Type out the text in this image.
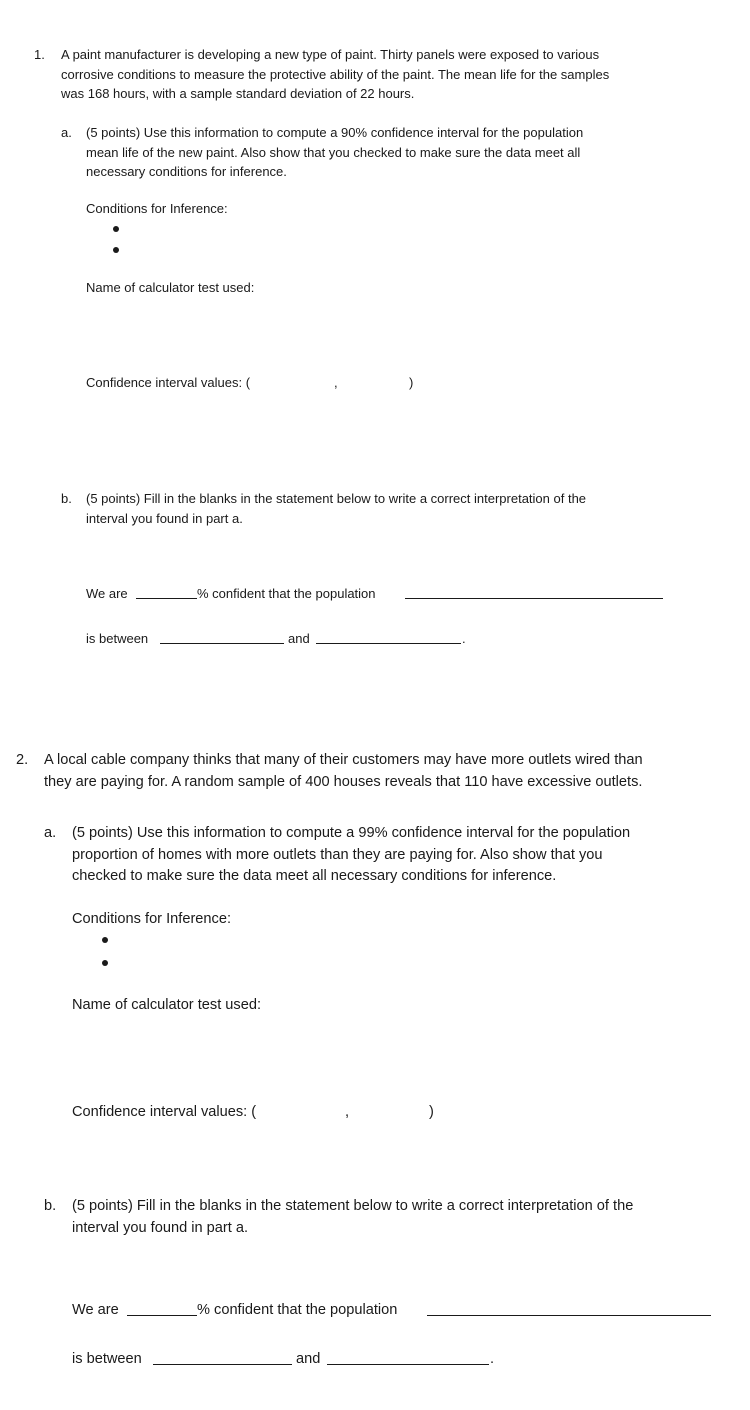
1. A paint manufacturer is developing a new type of paint. Thirty panels were exposed to various
corrosive conditions to measure the protective ability of the paint. The mean life for the samples
was 168 hours, with a sample standard deviation of 22 hours.
a. (5 points) Use this information to compute a 90% confidence interval for the population
mean life of the new paint. Also show that you checked to make sure the data meet all
necessary conditions for inference.
Conditions for Inference:
Name of calculator test used:
Confidence interval values: (	,	)
b. (5 points) Fill in the blanks in the statement below to write a correct interpretation of the
interval you found in part a.
We are	% confident that the population
is between	and	.
2. A local cable company thinks that many of their customers may have more outlets wired than
they are paying for. A random sample of 400 houses reveals that 110 have excessive outlets.
a. (5 points) Use this information to compute a 99% confidence interval for the population
proportion of homes with more outlets than they are paying for. Also show that you
checked to make sure the data meet all necessary conditions for inference.
Conditions for Inference:
Name of calculator test used:
Confidence interval values: (	,	)
b. (5 points) Fill in the blanks in the statement below to write a correct interpretation of the
interval you found in part a.
We are	% confident that the population
is between	and	.
